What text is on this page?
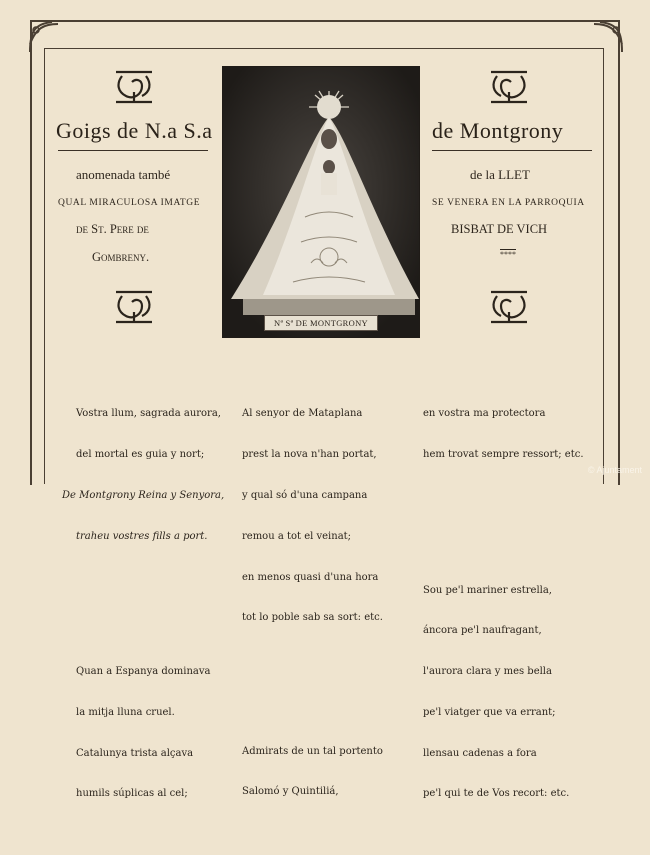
Goigs de N.a S.a	de Montgrony
anomenada també
QUAL MIRACULOSA IMATGE
de St. Pere de
Gombreny.
de la LLET
SE VENERA EN LA PARROQUIA
BISBAT DE VICH
****
Nª Sª DE MONTGRONY

Vostra llum, sagrada aurora,

del mortal es guia y nort;

De Montgrony Reina y Senyora,

traheu vostres fills a port.

Quan a Espanya dominava

la mitja lluna cruel.

Catalunya trista alçava

humils súplicas al cel;

Al senyor de Mataplana

prest la nova n'han portat,

y qual só d'una campana

remou a tot el veinat;

en menos quasi d'una hora

tot lo poble sab sa sort: etc.

Admirats de un tal portento

Salomó y Quintiliá,

en vostra ma protectora

hem trovat sempre ressort; etc.

Sou pe'l mariner estrella,

áncora pe'l naufragant,

l'aurora clara y mes bella

pe'l viatger que va errant;

llensau cadenas a fora

pe'l qui te de Vos recort: etc.

© Ajuntament
